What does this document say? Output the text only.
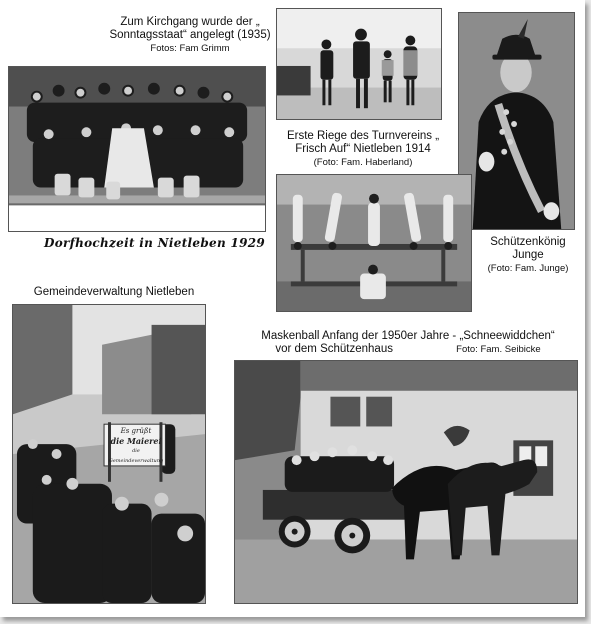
Zum Kirchgang wurde der „
Sonntagsstaat“ angelegt (1935)
Fotos: Fam Grimm
Dorfhochzeit in Nietleben 1929
Erste Riege des Turnvereins „
Frisch Auf“ Nietleben 1914
(Foto: Fam. Haberland)
Schützenkönig
Junge
(Foto: Fam. Junge)
Gemeindeverwaltung Nietleben
Es grüßt
die Maierei
die Gemeindeverwaltung
Maskenball Anfang der 1950er Jahre - „Schneewiddchen“
vor dem Schützenhaus	Foto: Fam. Seibicke
